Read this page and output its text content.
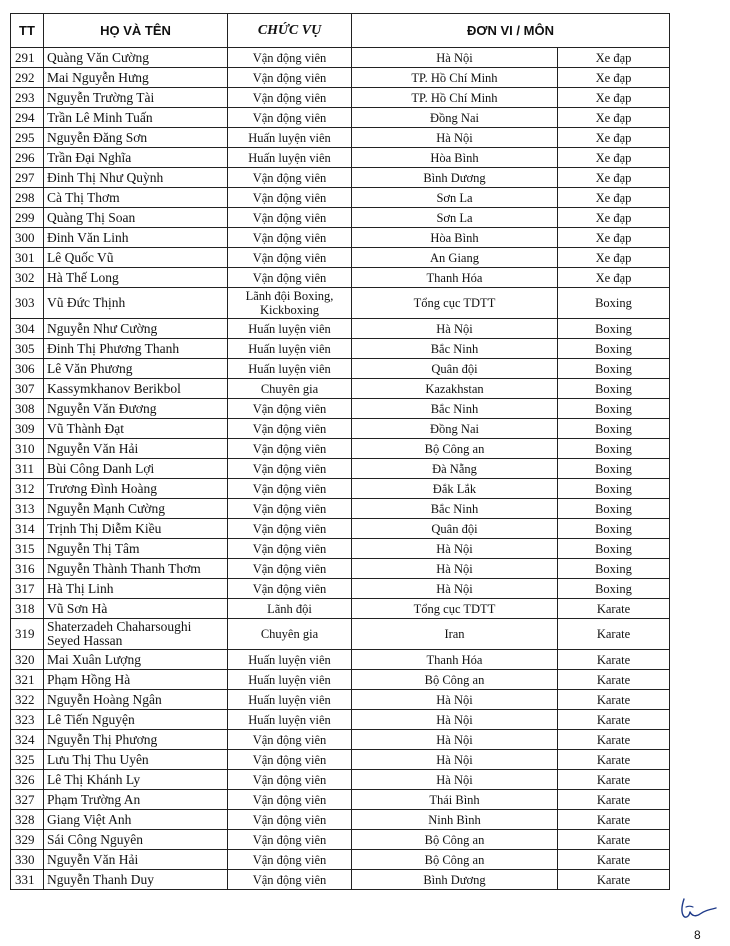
TT	HỌ VÀ TÊN	CHỨC VỤ	ĐƠN VI / MÔN	
291	Quàng Văn Cường	Vận động viên	Hà Nội	Xe đạp
292	Mai Nguyễn Hưng	Vận động viên	TP. Hồ Chí Minh	Xe đạp
293	Nguyễn Trường Tài	Vận động viên	TP. Hồ Chí Minh	Xe đạp
294	Trần Lê Minh Tuấn	Vận động viên	Đồng Nai	Xe đạp
295	Nguyễn Đăng Sơn	Huấn luyện viên	Hà Nội	Xe đạp
296	Trần Đại Nghĩa	Huấn luyện viên	Hòa Bình	Xe đạp
297	Đinh Thị Như Quỳnh	Vận động viên	Bình Dương	Xe đạp
298	Cà Thị Thơm	Vận động viên	Sơn La	Xe đạp
299	Quàng Thị Soan	Vận động viên	Sơn La	Xe đạp
300	Đinh Văn Linh	Vận động viên	Hòa Bình	Xe đạp
301	Lê Quốc Vũ	Vận động viên	An Giang	Xe đạp
302	Hà Thế Long	Vận động viên	Thanh Hóa	Xe đạp
303	Vũ Đức Thịnh	Lãnh đội Boxing, Kickboxing	Tổng cục TDTT	Boxing
304	Nguyễn Như Cường	Huấn luyện viên	Hà Nội	Boxing
305	Đinh Thị Phương Thanh	Huấn luyện viên	Bắc Ninh	Boxing
306	Lê Văn Phương	Huấn luyện viên	Quân đội	Boxing
307	Kassymkhanov Berikbol	Chuyên gia	Kazakhstan	Boxing
308	Nguyễn Văn Đương	Vận động viên	Bắc Ninh	Boxing
309	Vũ Thành Đạt	Vận động viên	Đồng Nai	Boxing
310	Nguyễn Văn Hải	Vận động viên	Bộ Công an	Boxing
311	Bùi Công Danh Lợi	Vận động viên	Đà Nẵng	Boxing
312	Trương Đình Hoàng	Vận động viên	Đắk Lắk	Boxing
313	Nguyễn Mạnh Cường	Vận động viên	Bắc Ninh	Boxing
314	Trịnh Thị Diễm Kiều	Vận động viên	Quân đội	Boxing
315	Nguyễn Thị Tâm	Vận động viên	Hà Nội	Boxing
316	Nguyễn Thành Thanh Thơm	Vận động viên	Hà Nội	Boxing
317	Hà Thị Linh	Vận động viên	Hà Nội	Boxing
318	Vũ Sơn Hà	Lãnh đội	Tổng cục TDTT	Karate
319	Shaterzadeh Chaharsoughi Seyed Hassan	Chuyên gia	Iran	Karate
320	Mai Xuân Lượng	Huấn luyện viên	Thanh Hóa	Karate
321	Phạm Hồng Hà	Huấn luyện viên	Bộ Công an	Karate
322	Nguyễn Hoàng Ngân	Huấn luyện viên	Hà Nội	Karate
323	Lê Tiến Nguyện	Huấn luyện viên	Hà Nội	Karate
324	Nguyễn Thị Phương	Vận động viên	Hà Nội	Karate
325	Lưu Thị Thu Uyên	Vận động viên	Hà Nội	Karate
326	Lê Thị Khánh Ly	Vận động viên	Hà Nội	Karate
327	Phạm Trường An	Vận động viên	Thái Bình	Karate
328	Giang Việt Anh	Vận động viên	Ninh Bình	Karate
329	Sái Công Nguyên	Vận động viên	Bộ Công an	Karate
330	Nguyễn Văn Hải	Vận động viên	Bộ Công an	Karate
331	Nguyễn Thanh Duy	Vận động viên	Bình Dương	Karate
8
